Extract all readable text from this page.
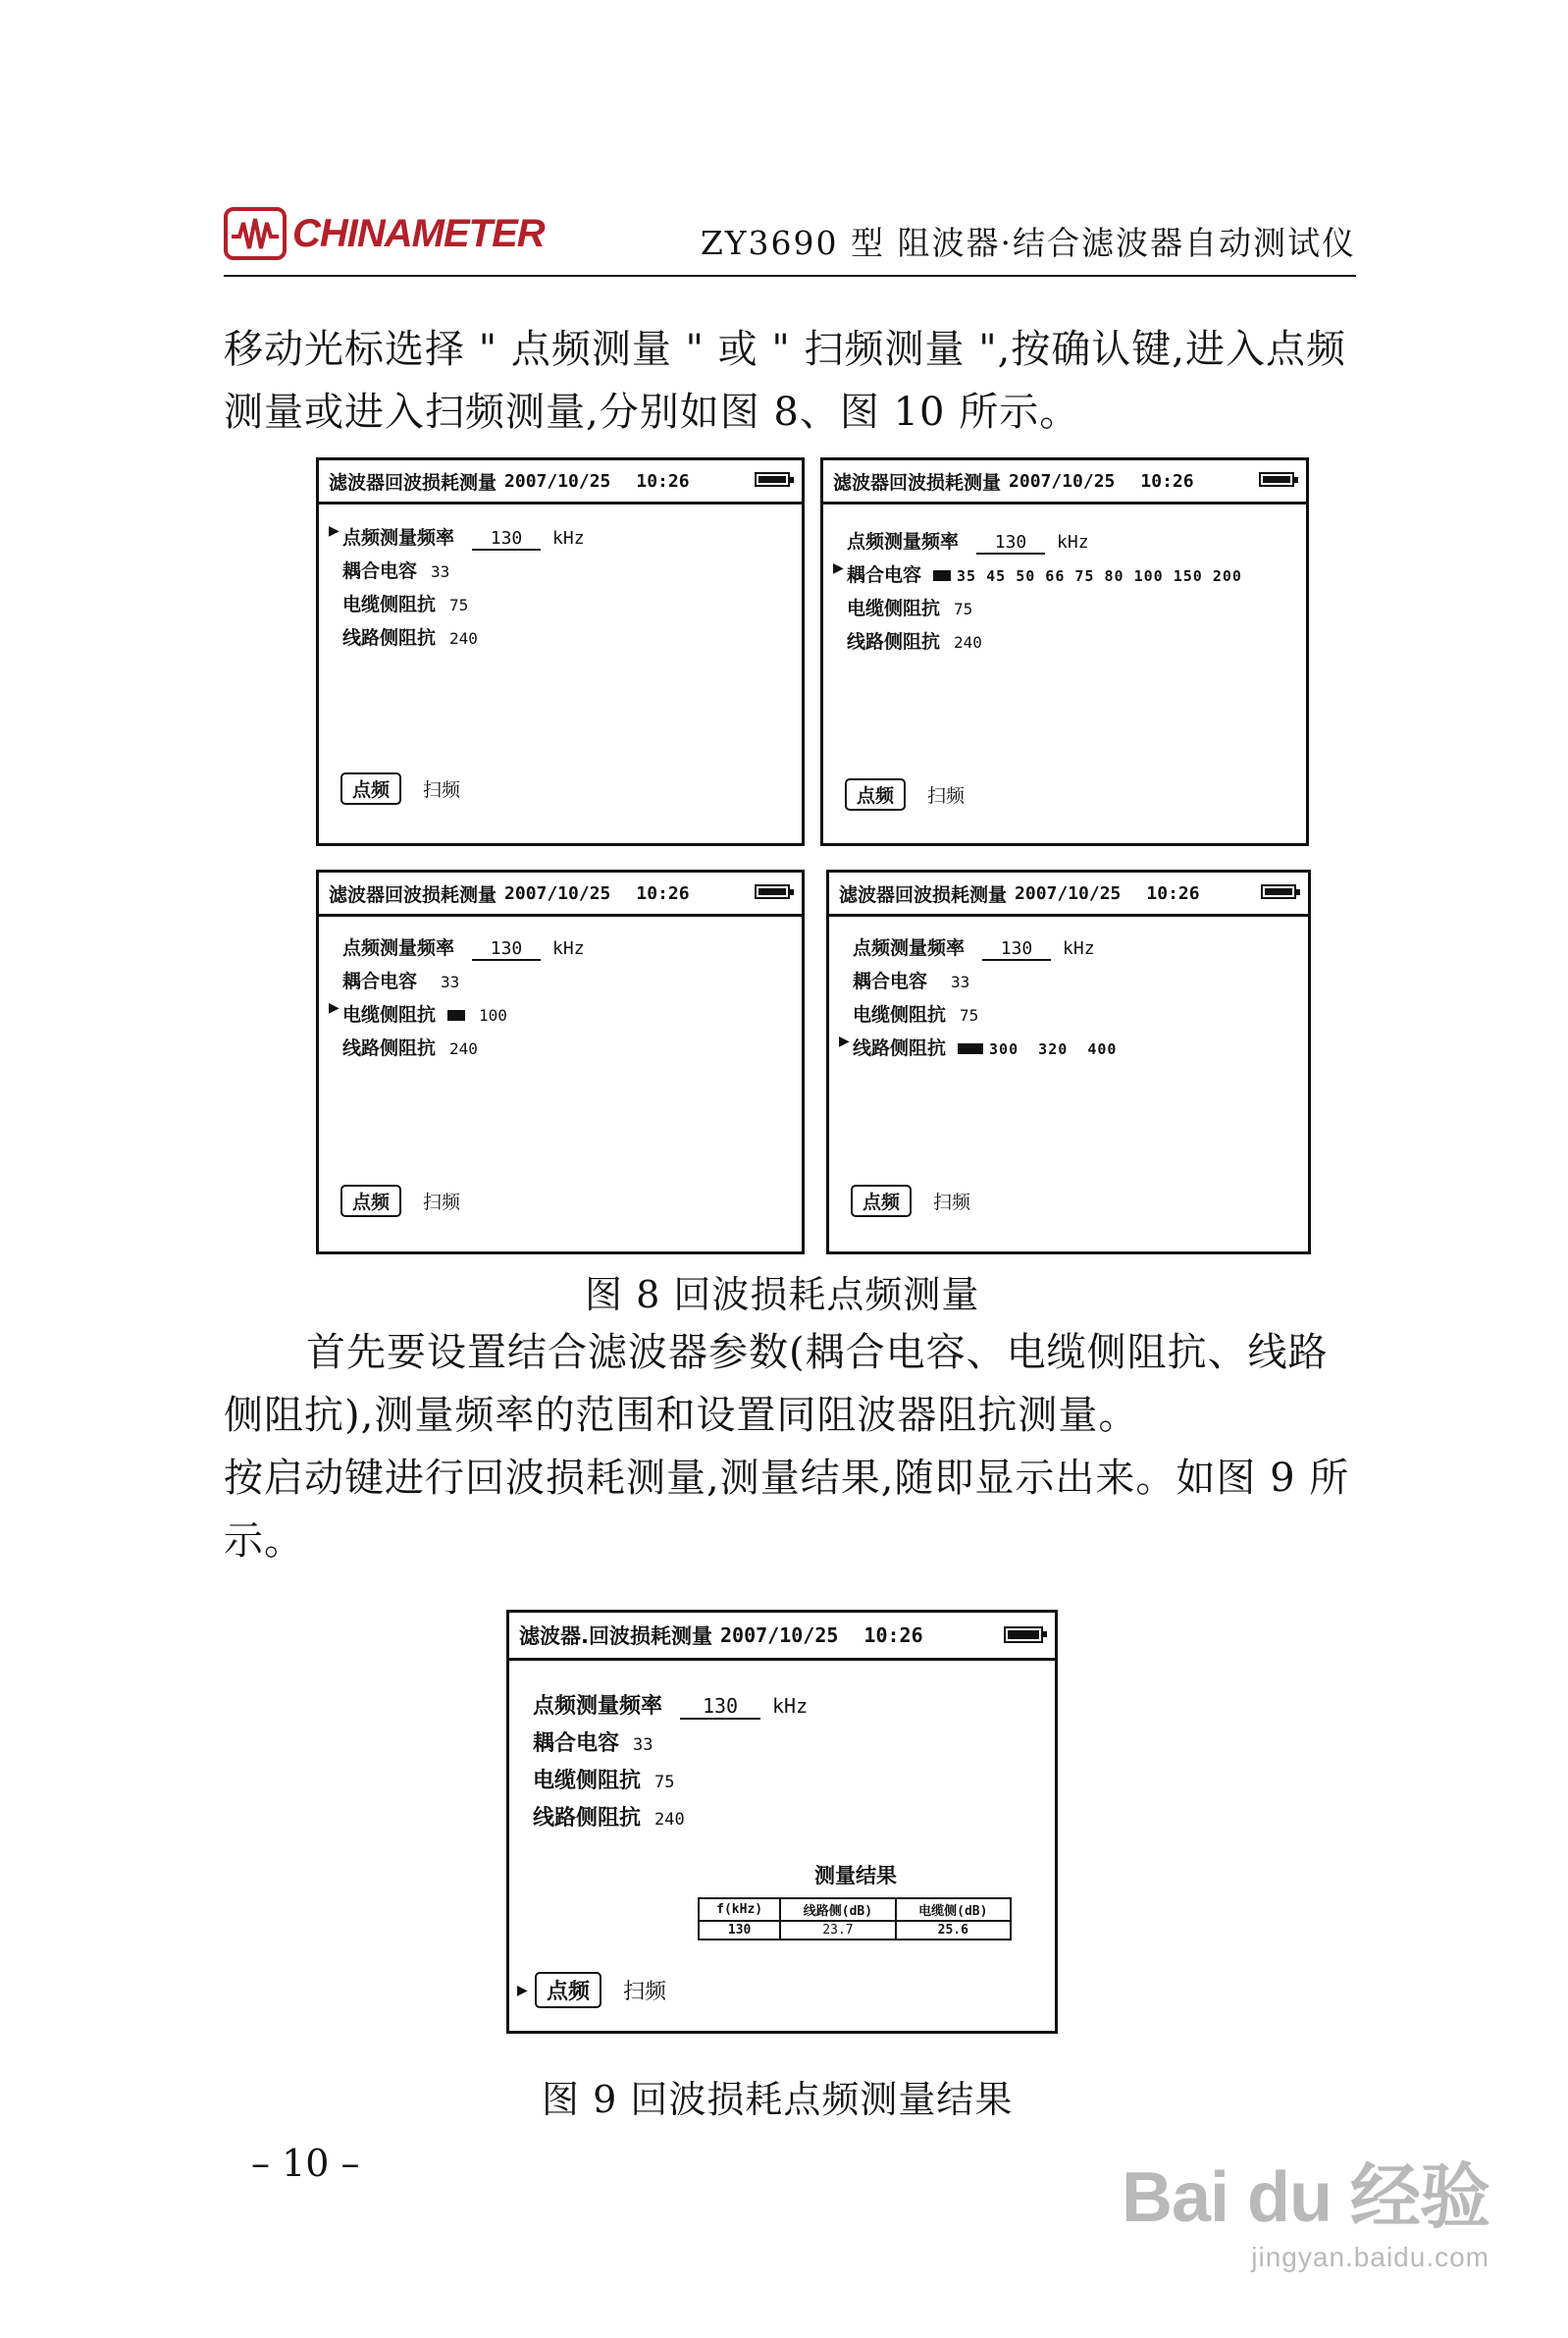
CHINAMETER	ZY3690 型 阻波器·结合滤波器自动测试仪
移动光标选择 " 点频测量 " 或 " 扫频测量 ",按确认键,进入点频测量或进入扫频测量,分别如图 8、图 10 所示。
滤波器回波损耗测量 2007/10/25 10:26
▶ 点频测量频率	130	kHz
耦合电容 33
电缆侧阻抗 75
线路侧阻抗 240
点频	扫频
滤波器回波损耗测量 2007/10/25 10:26
点频测量频率	130	kHz
▶ 耦合电容 35 45 50 66 75 80 100 150 200
电缆侧阻抗 75
线路侧阻抗 240
点频	扫频
滤波器回波损耗测量 2007/10/25 10:26
点频测量频率	130	kHz
耦合电容 33
▶ 电缆侧阻抗	100
线路侧阻抗 240
点频	扫频
滤波器回波损耗测量 2007/10/25 10:26
点频测量频率	130	kHz
耦合电容 33
电缆侧阻抗 75
▶ 线路侧阻抗	300  320  400
点频	扫频
图 8 回波损耗点频测量
首先要设置结合滤波器参数(耦合电容、电缆侧阻抗、线路侧阻抗),测量频率的范围和设置同阻波器阻抗测量。
按启动键进行回波损耗测量,测量结果,随即显示出来。如图 9 所示。
滤波器.回波损耗测量 2007/10/25 10:26
点频测量频率	130	kHz
耦合电容 33
电缆侧阻抗 75
线路侧阻抗 240
测量结果
f(kHz)	线路侧(dB)	电缆侧(dB)
130	23.7	25.6
▶ 点频	扫频
图 9 回波损耗点频测量结果
– 10 –	Bai du 经验
jingyan.baidu.com
